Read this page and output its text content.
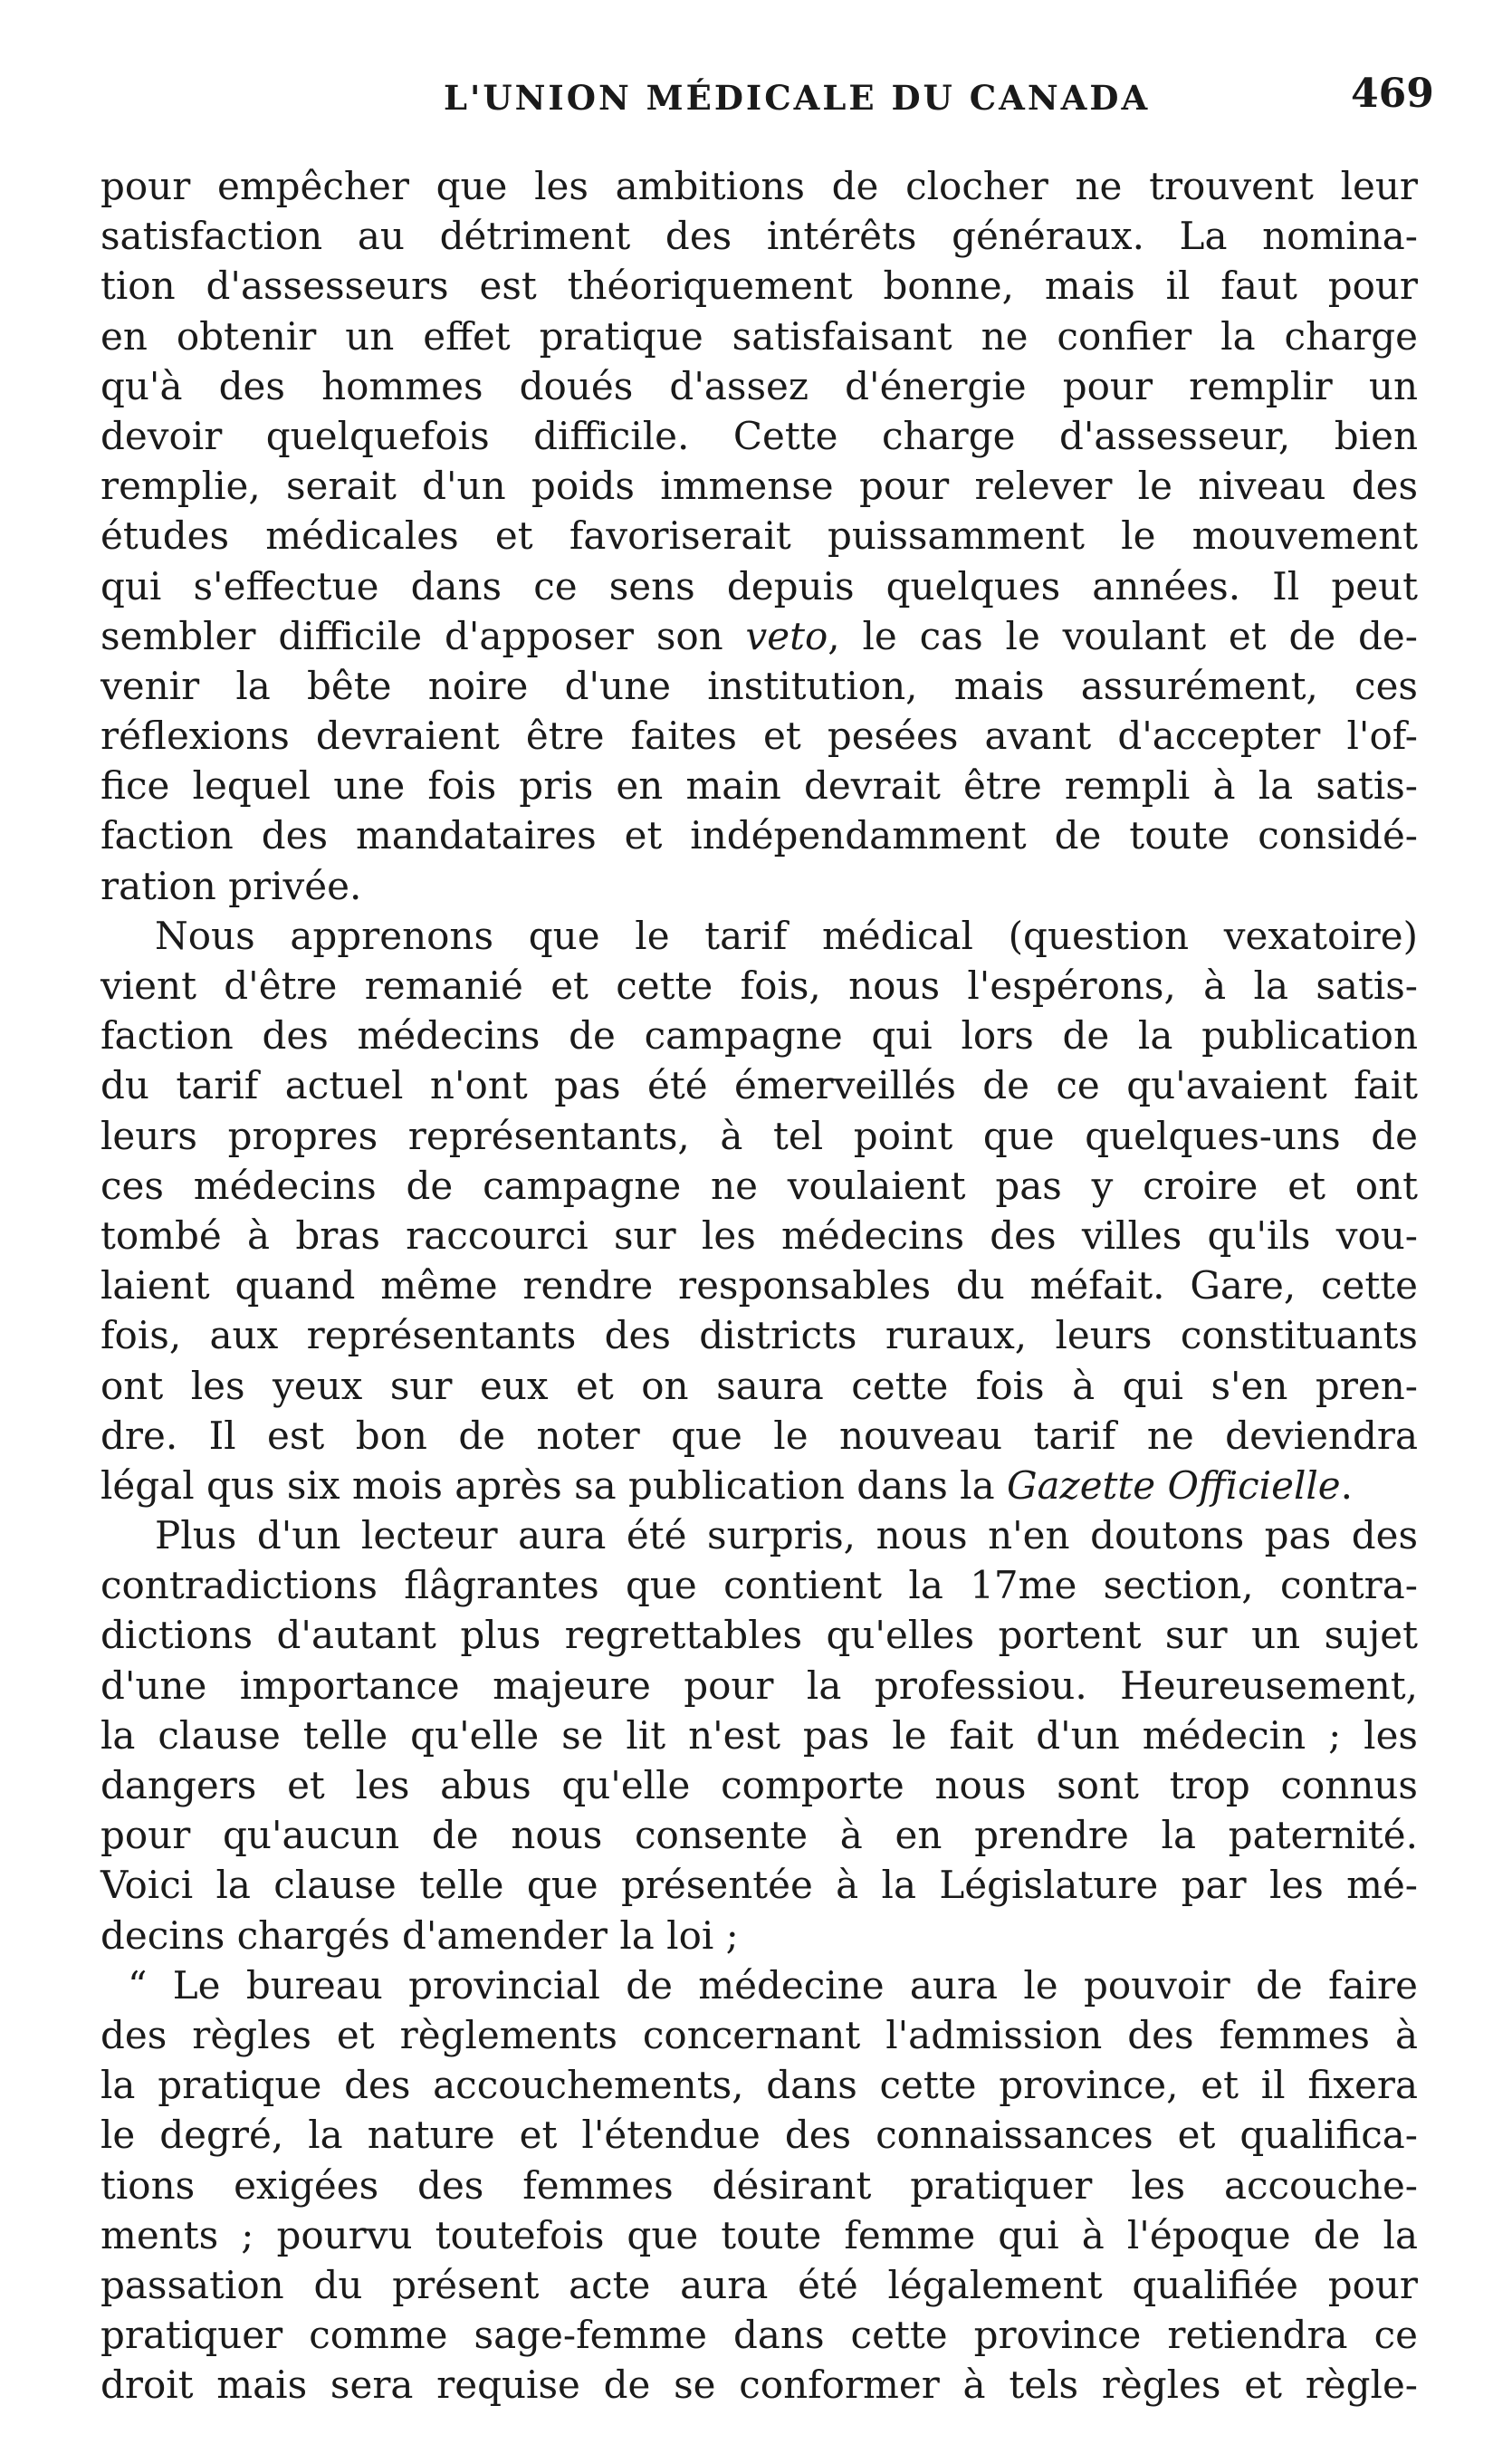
L'UNION MÉDICALE DU CANADA	469
pour empêcher que les ambitions de clocher ne trouvent leur
satisfaction au détriment des intérêts généraux. La nomina-
tion d'assesseurs est théoriquement bonne, mais il faut pour
en obtenir un effet pratique satisfaisant ne confier la charge
qu'à des hommes doués d'assez d'énergie pour remplir un
devoir quelquefois difficile. Cette charge d'assesseur, bien
remplie, serait d'un poids immense pour relever le niveau des
études médicales et favoriserait puissamment le mouvement
qui s'effectue dans ce sens depuis quelques années. Il peut
sembler difficile d'apposer son veto, le cas le voulant et de de-
venir la bête noire d'une institution, mais assurément, ces
réflexions devraient être faites et pesées avant d'accepter l'of-
fice lequel une fois pris en main devrait être rempli à la satis-
faction des mandataires et indépendamment de toute considé-
ration privée.
Nous apprenons que le tarif médical (question vexatoire)
vient d'être remanié et cette fois, nous l'espérons, à la satis-
faction des médecins de campagne qui lors de la publication
du tarif actuel n'ont pas été émerveillés de ce qu'avaient fait
leurs propres représentants, à tel point que quelques-uns de
ces médecins de campagne ne voulaient pas y croire et ont
tombé à bras raccourci sur les médecins des villes qu'ils vou-
laient quand même rendre responsables du méfait. Gare, cette
fois, aux représentants des districts ruraux, leurs constituants
ont les yeux sur eux et on saura cette fois à qui s'en pren-
dre. Il est bon de noter que le nouveau tarif ne deviendra
légal qus six mois après sa publication dans la Gazette Officielle.
Plus d'un lecteur aura été surpris, nous n'en doutons pas des
contradictions flâgrantes que contient la 17me section, contra-
dictions d'autant plus regrettables qu'elles portent sur un sujet
d'une importance majeure pour la professiou. Heureusement,
la clause telle qu'elle se lit n'est pas le fait d'un médecin ; les
dangers et les abus qu'elle comporte nous sont trop connus
pour qu'aucun de nous consente à en prendre la paternité.
Voici la clause telle que présentée à la Législature par les mé-
decins chargés d'amender la loi ;
“ Le bureau provincial de médecine aura le pouvoir de faire
des règles et règlements concernant l'admission des femmes à
la pratique des accouchements, dans cette province, et il fixera
le degré, la nature et l'étendue des connaissances et qualifica-
tions exigées des femmes désirant pratiquer les accouche-
ments ; pourvu toutefois que toute femme qui à l'époque de la
passation du présent acte aura été légalement qualifiée pour
pratiquer comme sage-femme dans cette province retiendra ce
droit mais sera requise de se conformer à tels règles et règle-
